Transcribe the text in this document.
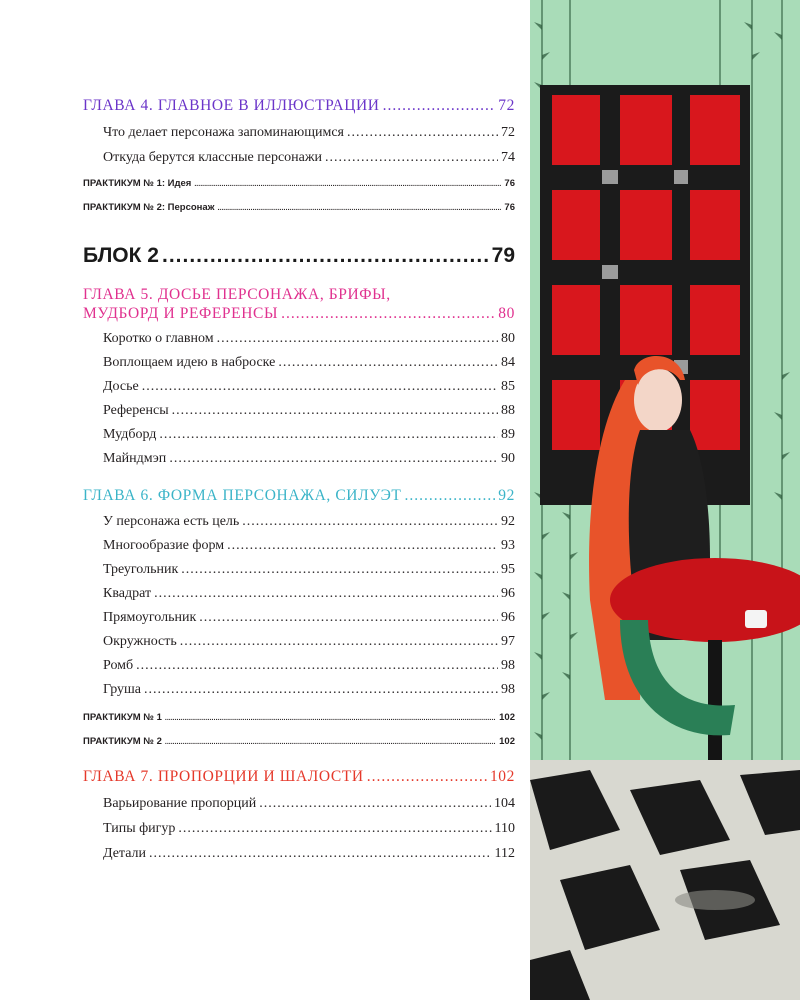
ГЛАВА 4. ГЛАВНОЕ В ИЛЛЮСТРАЦИИ .....	72
Что делает персонажа запоминающимся .....	72
Откуда берутся классные персонажи .....	74
ПРАКТИКУМ № 1: Идея .....	76
ПРАКТИКУМ № 2: Персонаж .....	76
БЛОК 2 .....	79
ГЛАВА 5. ДОСЬЕ ПЕРСОНАЖА, БРИФЫ,
МУДБОРД И РЕФЕРЕНСЫ .....	80
Коротко о главном .....	80
Воплощаем идею в наброске .....	84
Досье .....	85
Референсы .....	88
Мудборд .....	89
Майндмэп .....	90
ГЛАВА 6. ФОРМА ПЕРСОНАЖА, СИЛУЭТ .....	92
У персонажа есть цель .....	92
Многообразие форм .....	93
Треугольник .....	95
Квадрат .....	96
Прямоугольник .....	96
Окружность .....	97
Ромб .....	98
Груша .....	98
ПРАКТИКУМ № 1 .....	102
ПРАКТИКУМ № 2 .....	102
ГЛАВА 7. ПРОПОРЦИИ И ШАЛОСТИ .....	102
Варьирование пропорций .....	104
Типы фигур .....	110
Детали .....	112
